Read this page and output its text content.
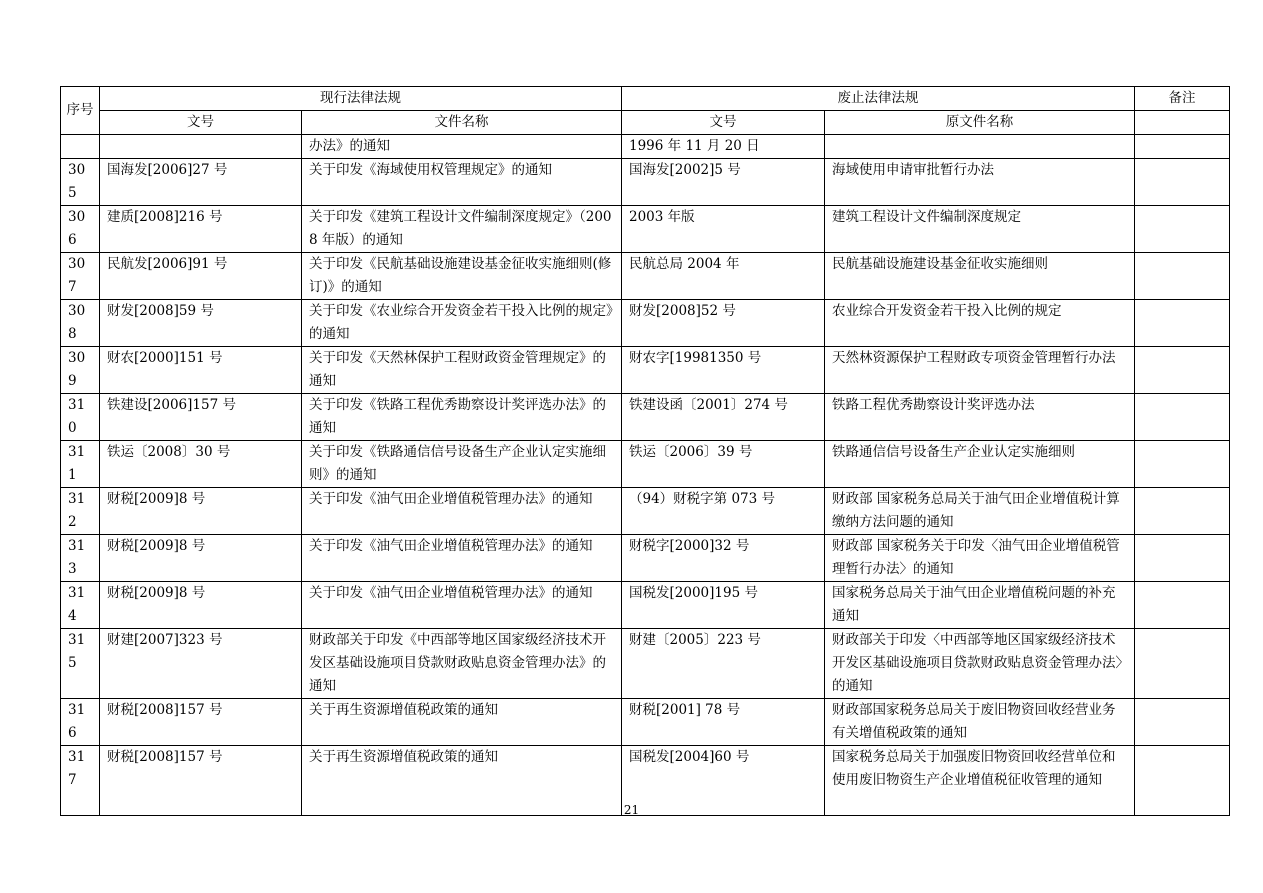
序号	现行法律法规		废止法律法规		备注
	文号	文件名称	文号	原文件名称	
		办法》的通知	1996 年 11 月 20 日		
305	国海发[2006]27 号	关于印发《海域使用权管理规定》的通知	国海发[2002]5 号	海域使用申请审批暂行办法	
306	建质[2008]216 号	关于印发《建筑工程设计文件编制深度规定》（2008 年版）的通知	2003 年版	建筑工程设计文件编制深度规定	
307	民航发[2006]91 号	关于印发《民航基础设施建设基金征收实施细则(修订)》的通知	民航总局 2004 年	民航基础设施建设基金征收实施细则	
308	财发[2008]59 号	关于印发《农业综合开发资金若干投入比例的规定》的通知	财发[2008]52 号	农业综合开发资金若干投入比例的规定	
309	财农[2000]151 号	关于印发《天然林保护工程财政资金管理规定》的通知	财农字[19981350 号	天然林资源保护工程财政专项资金管理暂行办法	
310	铁建设[2006]157 号	关于印发《铁路工程优秀勘察设计奖评选办法》的通知	铁建设函〔2001〕274 号	铁路工程优秀勘察设计奖评选办法	
311	铁运〔2008〕30 号	关于印发《铁路通信信号设备生产企业认定实施细则》的通知	铁运〔2006〕39 号	铁路通信信号设备生产企业认定实施细则	
312	财税[2009]8 号	关于印发《油气田企业增值税管理办法》的通知	（94）财税字第 073 号	财政部 国家税务总局关于油气田企业增值税计算缴纳方法问题的通知	
313	财税[2009]8 号	关于印发《油气田企业增值税管理办法》的通知	财税字[2000]32 号	财政部 国家税务关于印发〈油气田企业增值税管理暂行办法〉的通知	
314	财税[2009]8 号	关于印发《油气田企业增值税管理办法》的通知	国税发[2000]195 号	国家税务总局关于油气田企业增值税问题的补充通知	
315	财建[2007]323 号	财政部关于印发《中西部等地区国家级经济技术开发区基础设施项目贷款财政贴息资金管理办法》的通知	财建〔2005〕223 号	财政部关于印发〈中西部等地区国家级经济技术开发区基础设施项目贷款财政贴息资金管理办法〉的通知	
316	财税[2008]157 号	关于再生资源增值税政策的通知	财税[2001] 78 号	财政部国家税务总局关于废旧物资回收经营业务有关增值税政策的通知	
317	财税[2008]157 号	关于再生资源增值税政策的通知	国税发[2004]60 号	国家税务总局关于加强废旧物资回收经营单位和使用废旧物资生产企业增值税征收管理的通知	
21
